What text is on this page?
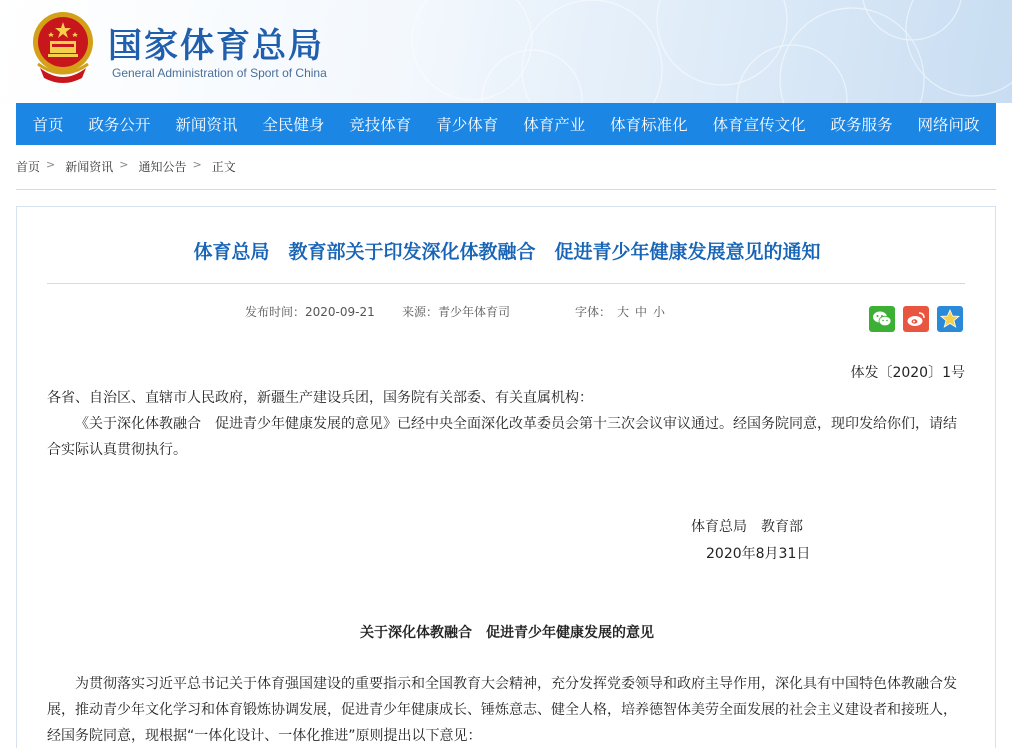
国家体育总局
General Administration of Sport of China
首页 政务公开 新闻资讯 全民健身 竞技体育 青少体育 体育产业 体育标准化 体育宣传文化 政务服务 网络问政
首页 > 新闻资讯 > 通知公告 > 正文
体育总局　教育部关于印发深化体教融合　促进青少年健康发展意见的通知
发布时间：2020-09-21 来源：青少年体育司	字体： 大 中 小
体发〔2020〕1号
各省、自治区、直辖市人民政府，新疆生产建设兵团，国务院有关部委、有关直属机构：
《关于深化体教融合　促进青少年健康发展的意见》已经中央全面深化改革委员会第十三次会议审议通过。经国务院同意，现印发给你们，请结合实际认真贯彻执行。
体育总局　教育部
2020年8月31日
关于深化体教融合　促进青少年健康发展的意见
为贯彻落实习近平总书记关于体育强国建设的重要指示和全国教育大会精神，充分发挥党委领导和政府主导作用，深化具有中国特色体教融合发展，推动青少年文化学习和体育锻炼协调发展，促进青少年健康成长、锤炼意志、健全人格，培养德智体美劳全面发展的社会主义建设者和接班人，经国务院同意，现根据“一体化设计、一体化推进”原则提出以下意见：
